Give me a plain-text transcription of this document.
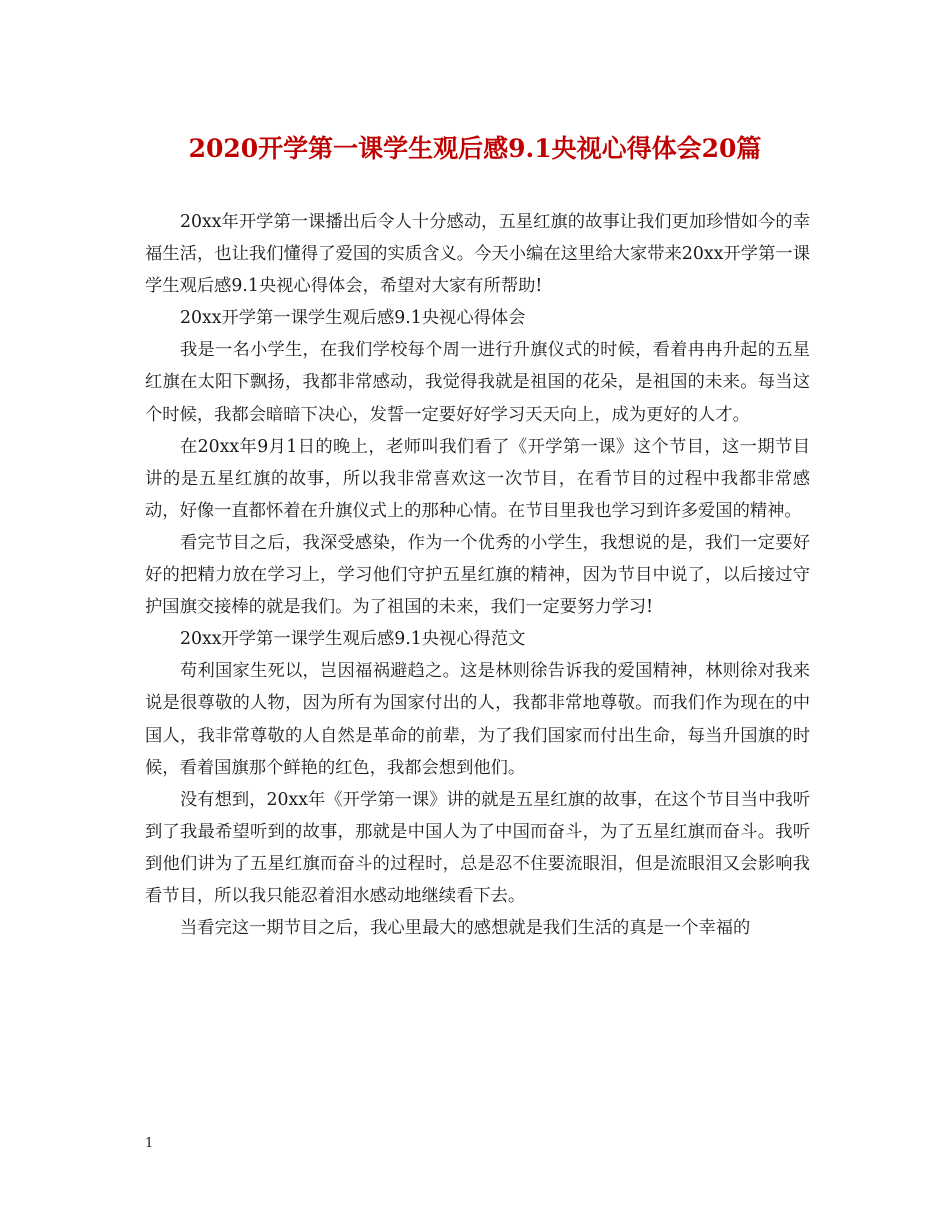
2020开学第一课学生观后感9.1央视心得体会20篇

20xx年开学第一课播出后令人十分感动，五星红旗的故事让我们更加珍惜如今的幸福生活，也让我们懂得了爱国的实质含义。今天小编在这里给大家带来20xx开学第一课学生观后感9.1央视心得体会，希望对大家有所帮助!

20xx开学第一课学生观后感9.1央视心得体会

我是一名小学生，在我们学校每个周一进行升旗仪式的时候，看着冉冉升起的五星红旗在太阳下飘扬，我都非常感动，我觉得我就是祖国的花朵，是祖国的未来。每当这个时候，我都会暗暗下决心，发誓一定要好好学习天天向上，成为更好的人才。

在20xx年9月1日的晚上，老师叫我们看了《开学第一课》这个节目，这一期节目讲的是五星红旗的故事，所以我非常喜欢这一次节目，在看节目的过程中我都非常感动，好像一直都怀着在升旗仪式上的那种心情。在节目里我也学习到许多爱国的精神。

看完节目之后，我深受感染，作为一个优秀的小学生，我想说的是，我们一定要好好的把精力放在学习上，学习他们守护五星红旗的精神，因为节目中说了，以后接过守护国旗交接棒的就是我们。为了祖国的未来，我们一定要努力学习!

20xx开学第一课学生观后感9.1央视心得范文

苟利国家生死以，岂因福祸避趋之。这是林则徐告诉我的爱国精神，林则徐对我来说是很尊敬的人物，因为所有为国家付出的人，我都非常地尊敬。而我们作为现在的中国人，我非常尊敬的人自然是革命的前辈，为了我们国家而付出生命，每当升国旗的时候，看着国旗那个鲜艳的红色，我都会想到他们。

没有想到，20xx年《开学第一课》讲的就是五星红旗的故事，在这个节目当中我听到了我最希望听到的故事，那就是中国人为了中国而奋斗，为了五星红旗而奋斗。我听到他们讲为了五星红旗而奋斗的过程时，总是忍不住要流眼泪，但是流眼泪又会影响我看节目，所以我只能忍着泪水感动地继续看下去。

当看完这一期节目之后，我心里最大的感想就是我们生活的真是一个幸福的

1
